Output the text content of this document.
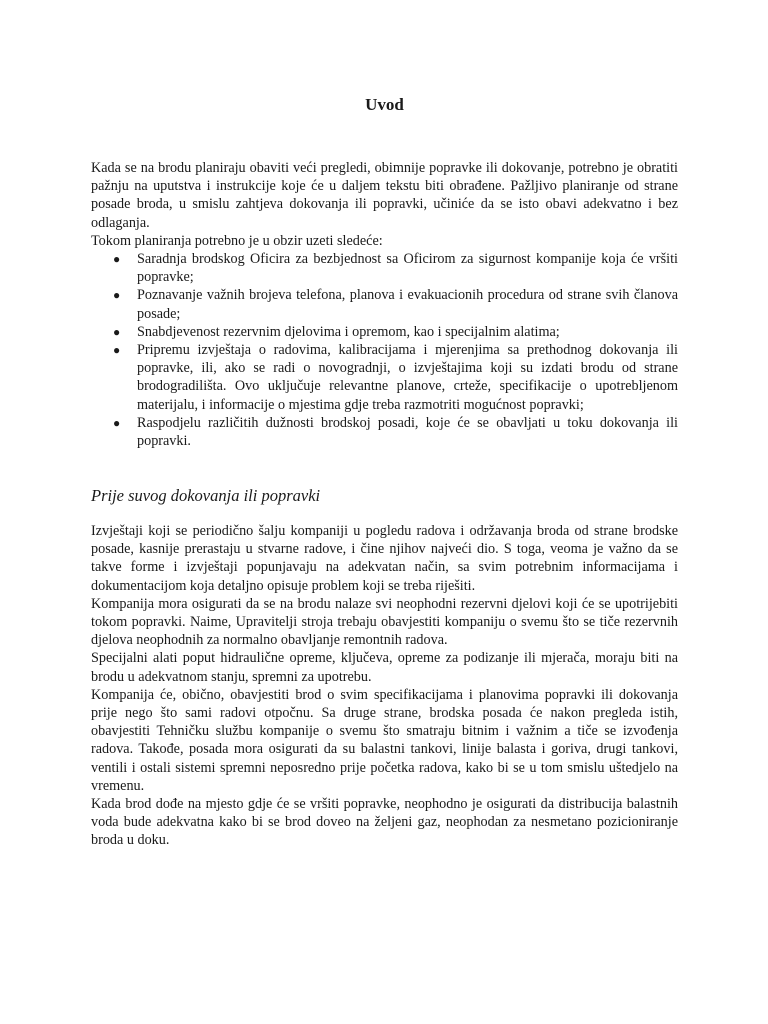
Uvod

Kada se na brodu planiraju obaviti veći pregledi, obimnije popravke ili dokovanje, potrebno je obratiti pažnju na uputstva i instrukcije koje će u daljem tekstu biti obrađene. Pažljivo planiranje od strane posade broda, u smislu zahtjeva dokovanja ili popravki, učiniće da se isto obavi adekvatno i bez odlaganja.

Tokom planiranja potrebno je u obzir uzeti sledeće:

● Saradnja brodskog Oficira za bezbjednost sa Oficirom za sigurnost kompanije koja će vršiti popravke;
● Poznavanje važnih brojeva telefona, planova i evakuacionih procedura od strane svih članova posade;
● Snabdjevenost rezervnim djelovima i opremom, kao i specijalnim alatima;
● Pripremu izvještaja o radovima, kalibracijama i mjerenjima sa prethodnog dokovanja ili popravke, ili, ako se radi o novogradnji, o izvještajima koji su izdati brodu od strane brodogradilišta. Ovo uključuje relevantne planove, crteže, specifikacije o upotrebljenom materijalu, i informacije o mjestima gdje treba razmotriti mogućnost popravki;
● Raspodjelu različitih dužnosti brodskoj posadi, koje će se obavljati u toku dokovanja ili popravki.
Prije suvog dokovanja ili popravki

Izvještaji koji se periodično šalju kompaniji u pogledu radova i održavanja broda od strane brodske posade, kasnije prerastaju u stvarne radove, i čine njihov najveći dio. S toga, veoma je važno da se takve forme i izvještaji popunjavaju na adekvatan način, sa svim potrebnim informacijama i dokumentacijom koja detaljno opisuje problem koji se treba riješiti.

Kompanija mora osigurati da se na brodu nalaze svi neophodni rezervni djelovi koji će se upotrijebiti tokom popravki. Naime, Upravitelji stroja trebaju obavjestiti kompaniju o svemu što se tiče rezervnih djelova neophodnih za normalno obavljanje remontnih radova.

Specijalni alati poput hidraulične opreme, ključeva, opreme za podizanje ili mjerača, moraju biti na brodu u adekvatnom stanju, spremni za upotrebu.

Kompanija će, obično, obavjestiti brod o svim specifikacijama i planovima popravki ili dokovanja prije nego što sami radovi otpočnu. Sa druge strane, brodska posada će nakon pregleda istih, obavjestiti Tehničku službu kompanije o svemu što smatraju bitnim i važnim a tiče se izvođenja radova. Takođe, posada mora osigurati da su balastni tankovi, linije balasta i goriva, drugi tankovi, ventili i ostali sistemi spremni neposredno prije početka radova, kako bi se u tom smislu uštedjelo na vremenu.

Kada brod dođe na mjesto gdje će se vršiti popravke, neophodno je osigurati da distribucija balastnih voda bude adekvatna kako bi se brod doveo na željeni gaz, neophodan za nesmetano pozicioniranje broda u doku.
